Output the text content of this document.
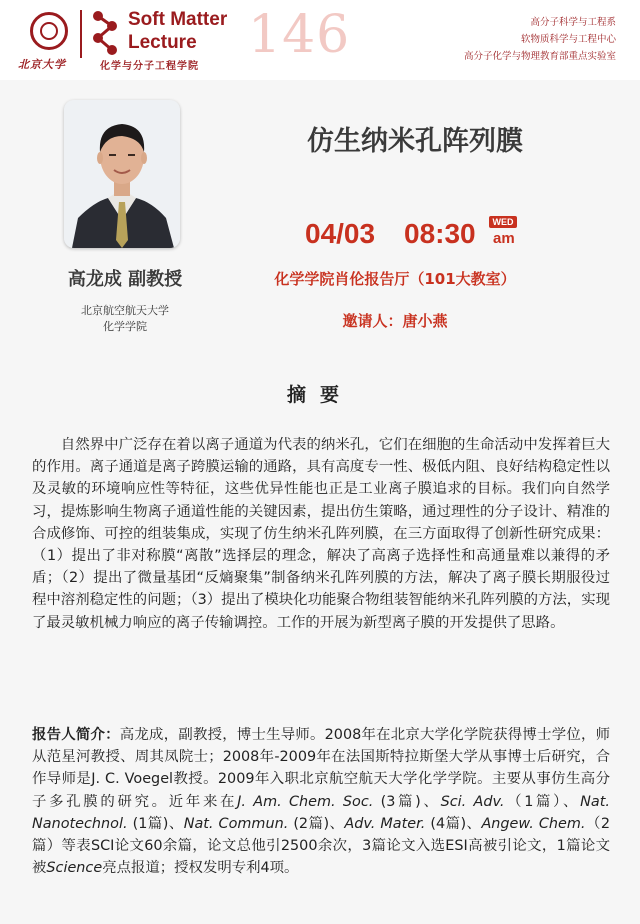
北京大学
Soft Matter
Lecture
化学与分子工程学院
146	高分子科学与工程系
软物质科学与工程中心
高分子化学与物理教育部重点实验室
高龙成 副教授
北京航空航天大学
化学学院
仿生纳米孔阵列膜
04/03 08:30	WED
am
化学学院肖伦报告厅（101大教室）
邀请人：唐小燕
摘要

自然界中广泛存在着以离子通道为代表的纳米孔，它们在细胞的生命活动中发挥着巨大的作用。离子通道是离子跨膜运输的通路，具有高度专一性、极低内阻、良好结构稳定性以及灵敏的环境响应性等特征，这些优异性能也正是工业离子膜追求的目标。我们向自然学习，提炼影响生物离子通道性能的关键因素，提出仿生策略，通过理性的分子设计、精准的合成修饰、可控的组装集成，实现了仿生纳米孔阵列膜，在三方面取得了创新性研究成果：（1）提出了非对称膜“离散”选择层的理念，解决了高离子选择性和高通量难以兼得的矛盾；（2）提出了微量基团“反熵聚集”制备纳米孔阵列膜的方法，解决了离子膜长期服役过程中溶剂稳定性的问题；（3）提出了模块化功能聚合物组装智能纳米孔阵列膜的方法，实现了最灵敏机械力响应的离子传输调控。工作的开展为新型离子膜的开发提供了思路。

报告人简介：高龙成，副教授，博士生导师。2008年在北京大学化学院获得博士学位，师从范星河教授、周其凤院士；2008年-2009年在法国斯特拉斯堡大学从事博士后研究，合作导师是J. C. Voegel教授。2009年入职北京航空航天大学化学学院。主要从事仿生高分子多孔膜的研究。近年来在J. Am. Chem. Soc. (3篇)、Sci. Adv.（1篇）、Nat. Nanotechnol. (1篇)、Nat. Commun. (2篇)、Adv. Mater. (4篇)、Angew. Chem.（2篇）等表SCI论文60余篇，论文总他引2500余次，3篇论文入选ESI高被引论文，1篇论文被Science亮点报道；授权发明专利4项。
